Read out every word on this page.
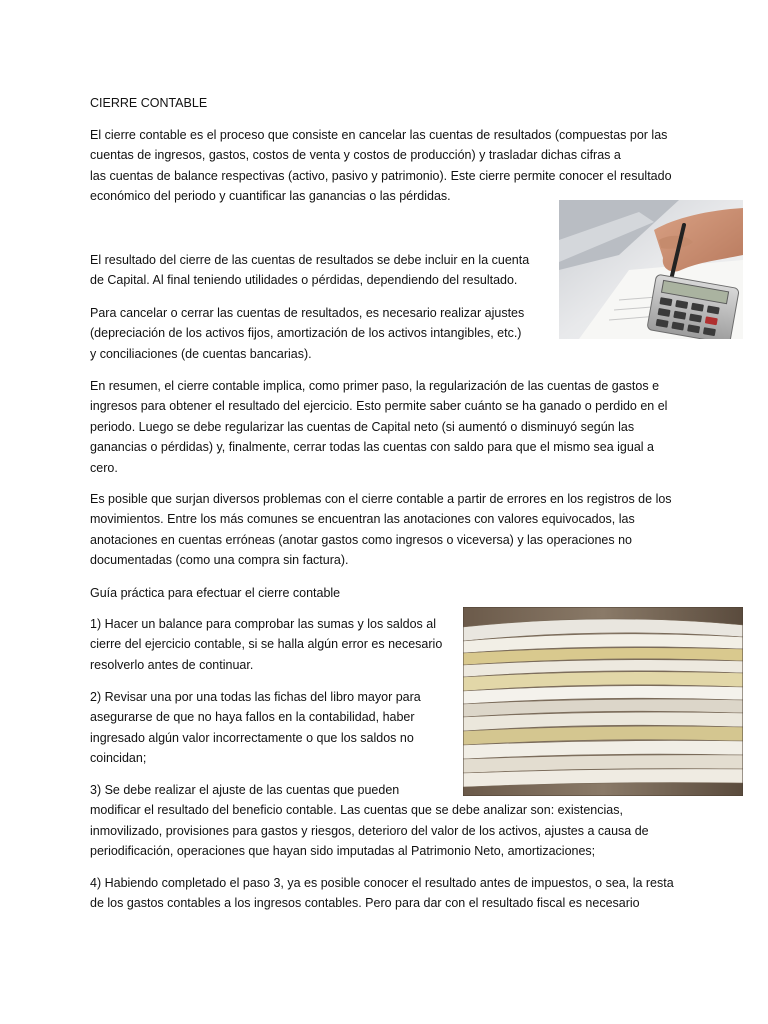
CIERRE CONTABLE

El cierre contable es el proceso que consiste en cancelar las cuentas de resultados (compuestas por las
cuentas de ingresos, gastos, costos de venta y costos de producción) y trasladar dichas cifras a
las cuentas de balance respectivas (activo, pasivo y patrimonio). Este cierre permite conocer el resultado
económico del periodo y cuantificar las ganancias o las pérdidas.

El resultado del cierre de las cuentas de resultados se debe incluir en la cuenta
de Capital. Al final teniendo utilidades o pérdidas, dependiendo del resultado.

Para cancelar o cerrar las cuentas de resultados, es necesario realizar ajustes
(depreciación de los activos fijos, amortización de los activos intangibles, etc.)
y conciliaciones (de cuentas bancarias).

En resumen, el cierre contable implica, como primer paso, la regularización de las cuentas de gastos e
ingresos para obtener el resultado del ejercicio. Esto permite saber cuánto se ha ganado o perdido en el
periodo. Luego se debe regularizar las cuentas de Capital neto (si aumentó o disminuyó según las
ganancias o pérdidas) y, finalmente, cerrar todas las cuentas con saldo para que el mismo sea igual a
cero.

Es posible que surjan diversos problemas con el cierre contable a partir de errores en los registros de los
movimientos. Entre los más comunes se encuentran las anotaciones con valores equivocados, las
anotaciones en cuentas erróneas (anotar gastos como ingresos o viceversa) y las operaciones no
documentadas (como una compra sin factura).

Guía práctica para efectuar el cierre contable

1) Hacer un balance para comprobar las sumas y los saldos al
cierre del ejercicio contable, si se halla algún error es necesario
resolverlo antes de continuar.

2) Revisar una por una todas las fichas del libro mayor para
asegurarse de que no haya fallos en la contabilidad, haber
ingresado algún valor incorrectamente o que los saldos no
coincidan;

3) Se debe realizar el ajuste de las cuentas que pueden
modificar el resultado del beneficio contable. Las cuentas que se debe analizar son: existencias,
inmovilizado, provisiones para gastos y riesgos, deterioro del valor de los activos, ajustes a causa de
periodificación, operaciones que hayan sido imputadas al Patrimonio Neto, amortizaciones;

4) Habiendo completado el paso 3, ya es posible conocer el resultado antes de impuestos, o sea, la resta
de los gastos contables a los ingresos contables. Pero para dar con el resultado fiscal es necesario
